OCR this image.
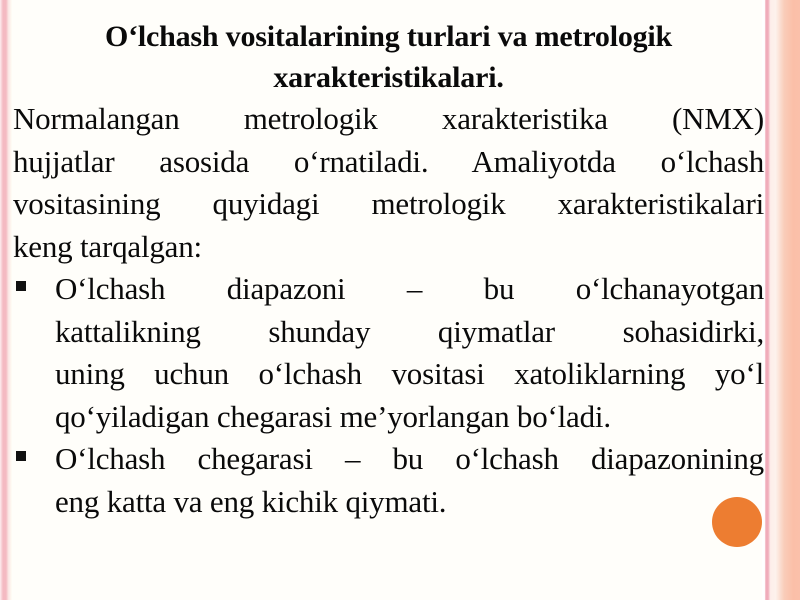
O‘lchash vositalarining turlari va metrologik xarakteristikalari.
Normalangan metrologik xarakteristika (NMX)
hujjatlar asosida o‘rnatiladi. Amaliyotda o‘lchash
vositasining quyidagi metrologik xarakteristikalari
keng tarqalgan:
O‘lchash diapazoni – bu o‘lchanayotgan
kattalikning shunday qiymatlar sohasidirki,
uning uchun o‘lchash vositasi xatoliklarning yo‘l
qo‘yiladigan chegarasi me’yorlangan bo‘ladi.
O‘lchash chegarasi – bu o‘lchash diapazonining
eng katta va eng kichik qiymati.
